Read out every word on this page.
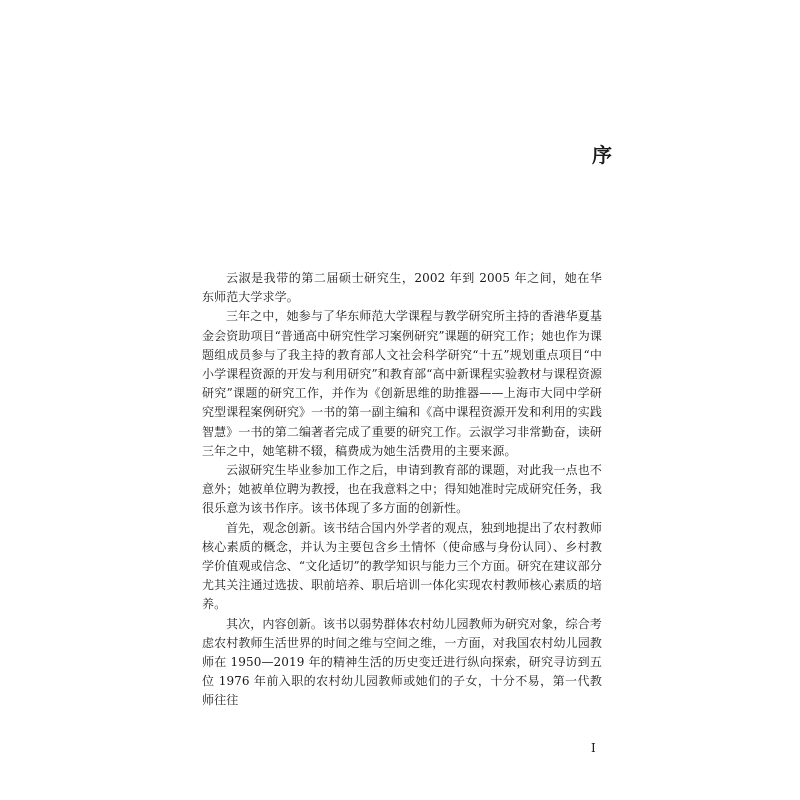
序

云淑是我带的第二届硕士研究生，2002 年到 2005 年之间，她在华东师范大学求学。

三年之中，她参与了华东师范大学课程与教学研究所主持的香港华夏基金会资助项目“普通高中研究性学习案例研究”课题的研究工作；她也作为课题组成员参与了我主持的教育部人文社会科学研究“十五”规划重点项目“中小学课程资源的开发与利用研究”和教育部“高中新课程实验教材与课程资源研究”课题的研究工作，并作为《创新思维的助推器——上海市大同中学研究型课程案例研究》一书的第一副主编和《高中课程资源开发和利用的实践智慧》一书的第二编著者完成了重要的研究工作。云淑学习非常勤奋，读研三年之中，她笔耕不辍，稿费成为她生活费用的主要来源。

云淑研究生毕业参加工作之后，申请到教育部的课题，对此我一点也不意外；她被单位聘为教授，也在我意料之中；得知她准时完成研究任务，我很乐意为该书作序。该书体现了多方面的创新性。

首先，观念创新。该书结合国内外学者的观点，独到地提出了农村教师核心素质的概念，并认为主要包含乡土情怀（使命感与身份认同）、乡村教学价值观或信念、“文化适切”的教学知识与能力三个方面。研究在建议部分尤其关注通过选拔、职前培养、职后培训一体化实现农村教师核心素质的培养。

其次，内容创新。该书以弱势群体农村幼儿园教师为研究对象，综合考虑农村教师生活世界的时间之维与空间之维，一方面，对我国农村幼儿园教师在 1950—2019 年的精神生活的历史变迁进行纵向探索，研究寻访到五位 1976 年前入职的农村幼儿园教师或她们的子女，十分不易，第一代教师往往

I
